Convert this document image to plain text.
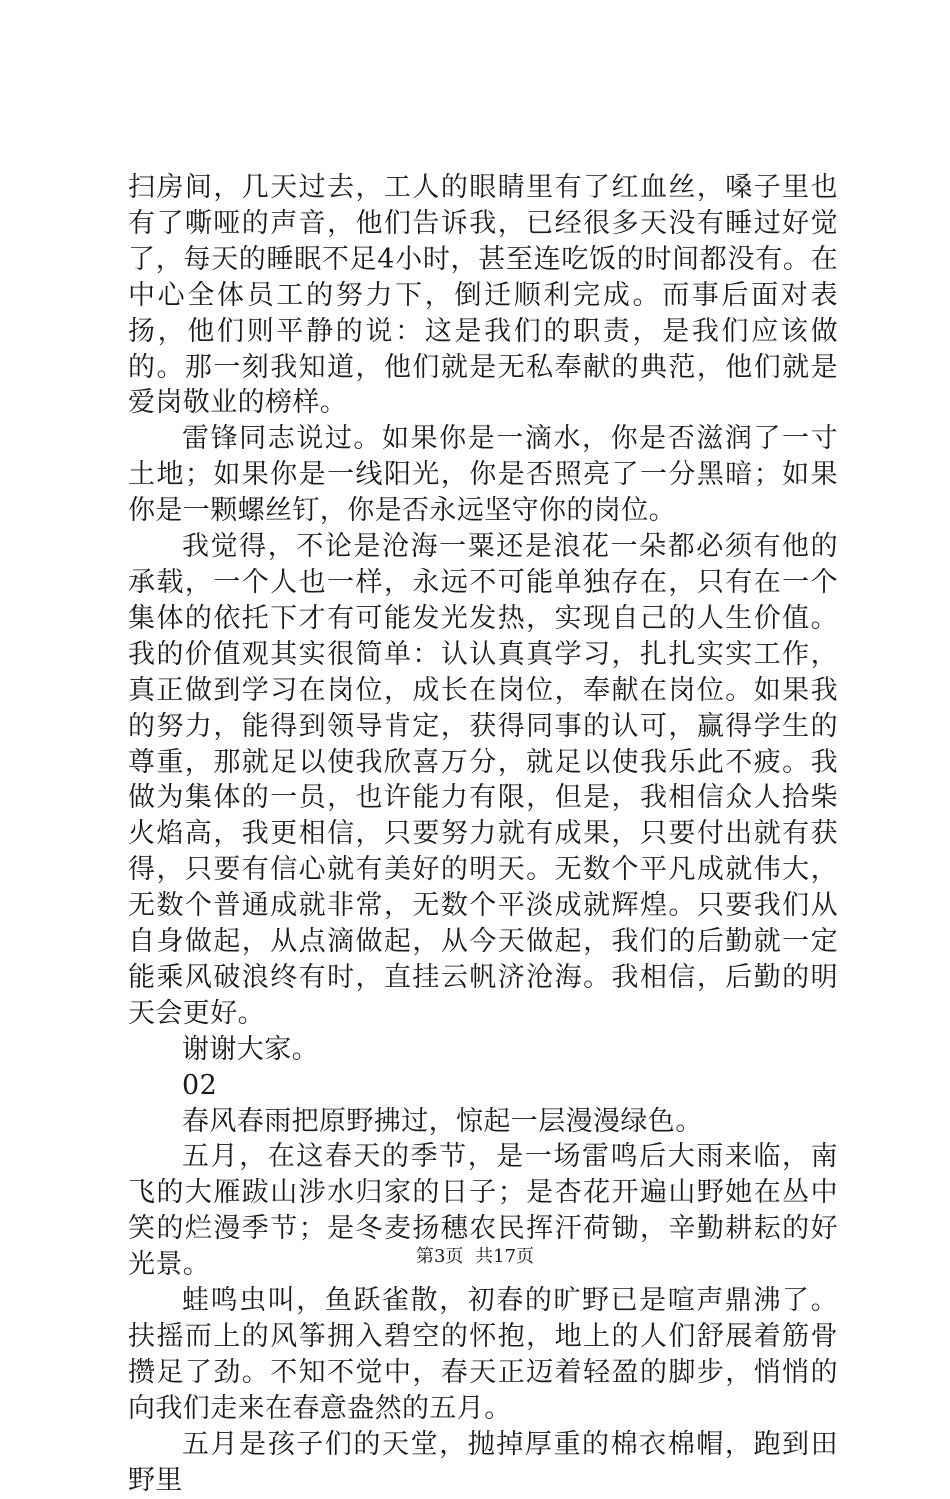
扫房间，几天过去，工人的眼睛里有了红血丝，嗓子里也有了嘶哑的声音，他们告诉我，已经很多天没有睡过好觉了，每天的睡眠不足4小时，甚至连吃饭的时间都没有。在中心全体员工的努力下，倒迁顺利完成。而事后面对表扬，他们则平静的说：这是我们的职责，是我们应该做的。那一刻我知道，他们就是无私奉献的典范，他们就是爱岗敬业的榜样。

雷锋同志说过。如果你是一滴水，你是否滋润了一寸土地；如果你是一线阳光，你是否照亮了一分黑暗；如果你是一颗螺丝钉，你是否永远坚守你的岗位。

我觉得，不论是沧海一粟还是浪花一朵都必须有他的承载，一个人也一样，永远不可能单独存在，只有在一个集体的依托下才有可能发光发热，实现自己的人生价值。我的价值观其实很简单：认认真真学习，扎扎实实工作，真正做到学习在岗位，成长在岗位，奉献在岗位。如果我的努力，能得到领导肯定，获得同事的认可，赢得学生的尊重，那就足以使我欣喜万分，就足以使我乐此不疲。我做为集体的一员，也许能力有限，但是，我相信众人拾柴火焰高，我更相信，只要努力就有成果，只要付出就有获得，只要有信心就有美好的明天。无数个平凡成就伟大，无数个普通成就非常，无数个平淡成就辉煌。只要我们从自身做起，从点滴做起，从今天做起，我们的后勤就一定能乘风破浪终有时，直挂云帆济沧海。我相信，后勤的明天会更好。

谢谢大家。

02

春风春雨把原野拂过，惊起一层漫漫绿色。

五月，在这春天的季节，是一场雷鸣后大雨来临，南飞的大雁跋山涉水归家的日子；是杏花开遍山野她在丛中笑的烂漫季节；是冬麦扬穗农民挥汗荷锄，辛勤耕耘的好光景。

蛙鸣虫叫，鱼跃雀散，初春的旷野已是喧声鼎沸了。扶摇而上的风筝拥入碧空的怀抱，地上的人们舒展着筋骨攒足了劲。不知不觉中，春天正迈着轻盈的脚步，悄悄的向我们走来在春意盎然的五月。

五月是孩子们的天堂，抛掉厚重的棉衣棉帽，跑到田野里

第3页 共17页
